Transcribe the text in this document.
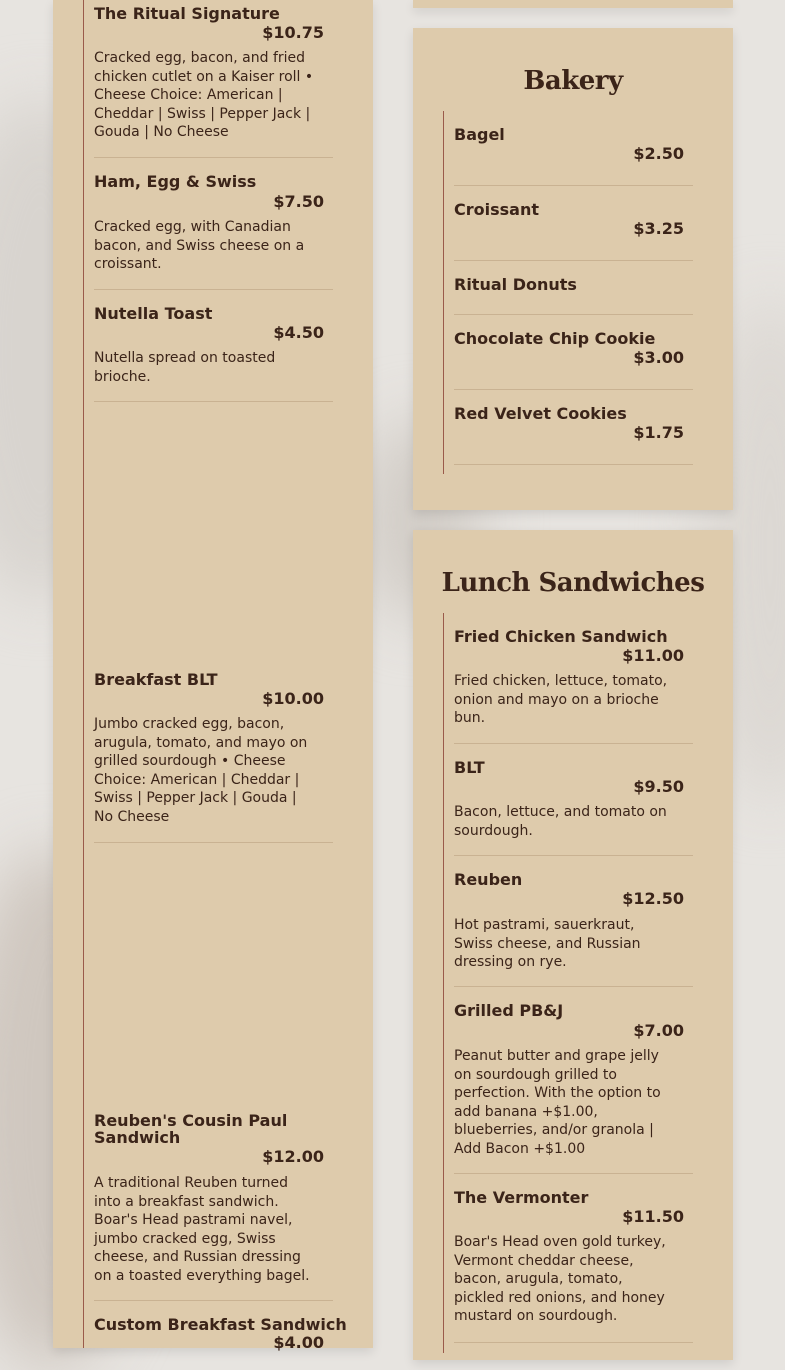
The Ritual Signature
$10.75
Cracked egg, bacon, and fried chicken cutlet on a Kaiser roll • Cheese Choice: American | Cheddar | Swiss | Pepper Jack | Gouda | No Cheese
Ham, Egg & Swiss
$7.50
Cracked egg, with Canadian bacon, and Swiss cheese on a croissant.
Nutella Toast
$4.50
Nutella spread on toasted brioche.
Breakfast BLT
$10.00
Jumbo cracked egg, bacon, arugula, tomato, and mayo on grilled sourdough • Cheese Choice: American | Cheddar | Swiss | Pepper Jack | Gouda | No Cheese
Reuben's Cousin Paul Sandwich
$12.00
A traditional Reuben turned into a breakfast sandwich. Boar's Head pastrami navel, jumbo cracked egg, Swiss cheese, and Russian dressing on a toasted everything bagel.
Custom Breakfast Sandwich
$4.00
Bakery
Bagel
$2.50
Croissant
$3.25
Ritual Donuts
Chocolate Chip Cookie
$3.00
Red Velvet Cookies
$1.75
Lunch Sandwiches
Fried Chicken Sandwich
$11.00
Fried chicken, lettuce, tomato, onion and mayo on a brioche bun.
BLT
$9.50
Bacon, lettuce, and tomato on sourdough.
Reuben
$12.50
Hot pastrami, sauerkraut, Swiss cheese, and Russian dressing on rye.
Grilled PB&J
$7.00
Peanut butter and grape jelly on sourdough grilled to perfection. With the option to add banana +$1.00, blueberries, and/or granola | Add Bacon +$1.00
The Vermonter
$11.50
Boar's Head oven gold turkey, Vermont cheddar cheese, bacon, arugula, tomato, pickled red onions, and honey mustard on sourdough.
